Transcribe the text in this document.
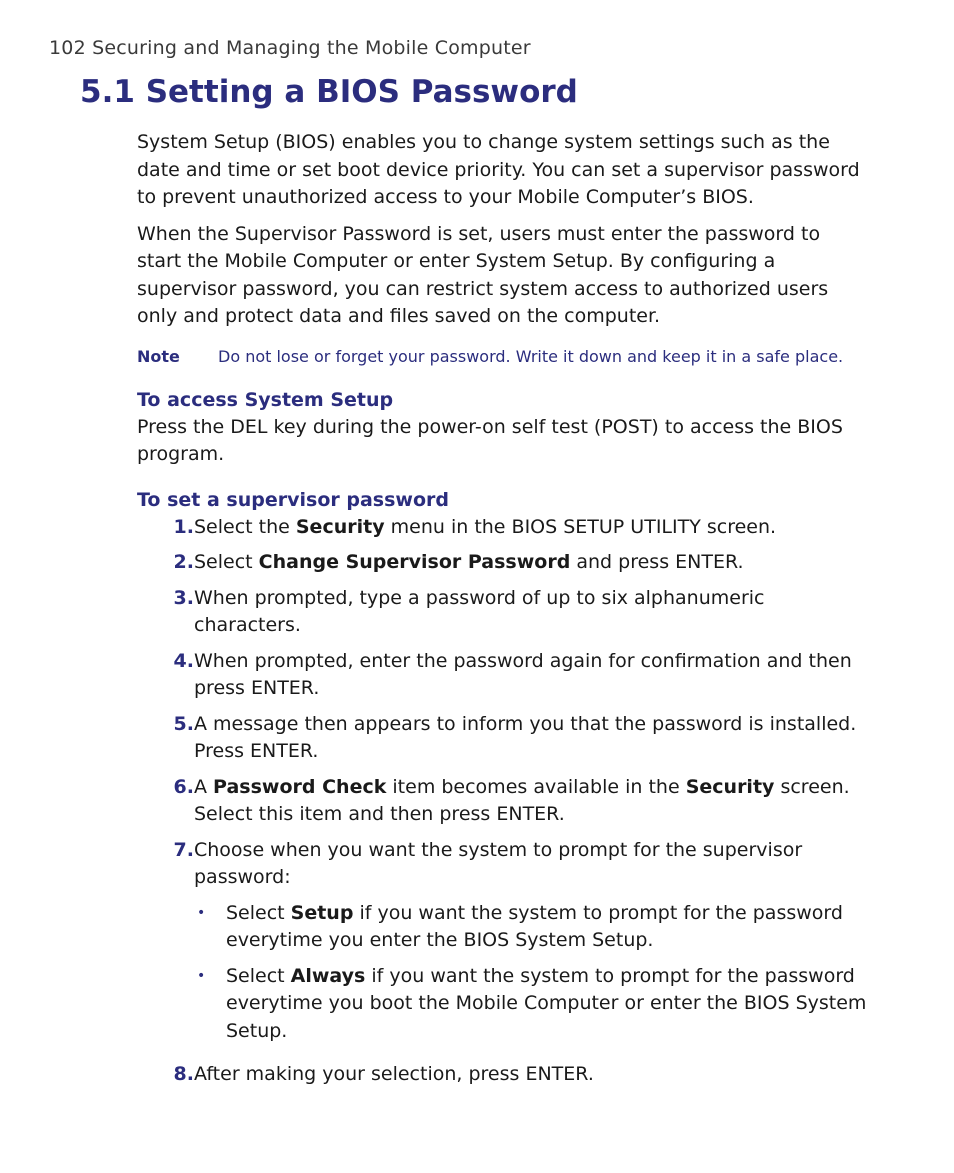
102 Securing and Managing the Mobile Computer
5.1 Setting a BIOS Password

System Setup (BIOS) enables you to change system settings such as the date and time or set boot device priority. You can set a supervisor password to prevent unauthorized access to your Mobile Computer’s BIOS.

When the Supervisor Password is set, users must enter the password to start the Mobile Computer or enter System Setup. By configuring a supervisor password, you can restrict system access to authorized users only and protect data and files saved on the computer.

Note	Do not lose or forget your password. Write it down and keep it in a safe place.
To access System Setup

Press the DEL key during the power-on self test (POST) to access the BIOS program.

To set a supervisor password
1. Select the Security menu in the BIOS SETUP UTILITY screen.
2. Select Change Supervisor Password and press ENTER.
3. When prompted, type a password of up to six alphanumeric characters.
4. When prompted, enter the password again for confirmation and then press ENTER.
5. A message then appears to inform you that the password is installed. Press ENTER.
6. A Password Check item becomes available in the Security screen. Select this item and then press ENTER.
7. Choose when you want the system to prompt for the supervisor password:
•	Select Setup if you want the system to prompt for the password everytime you enter the BIOS System Setup.
•	Select Always if you want the system to prompt for the password everytime you boot the Mobile Computer or enter the BIOS System Setup.
8. After making your selection, press ENTER.
